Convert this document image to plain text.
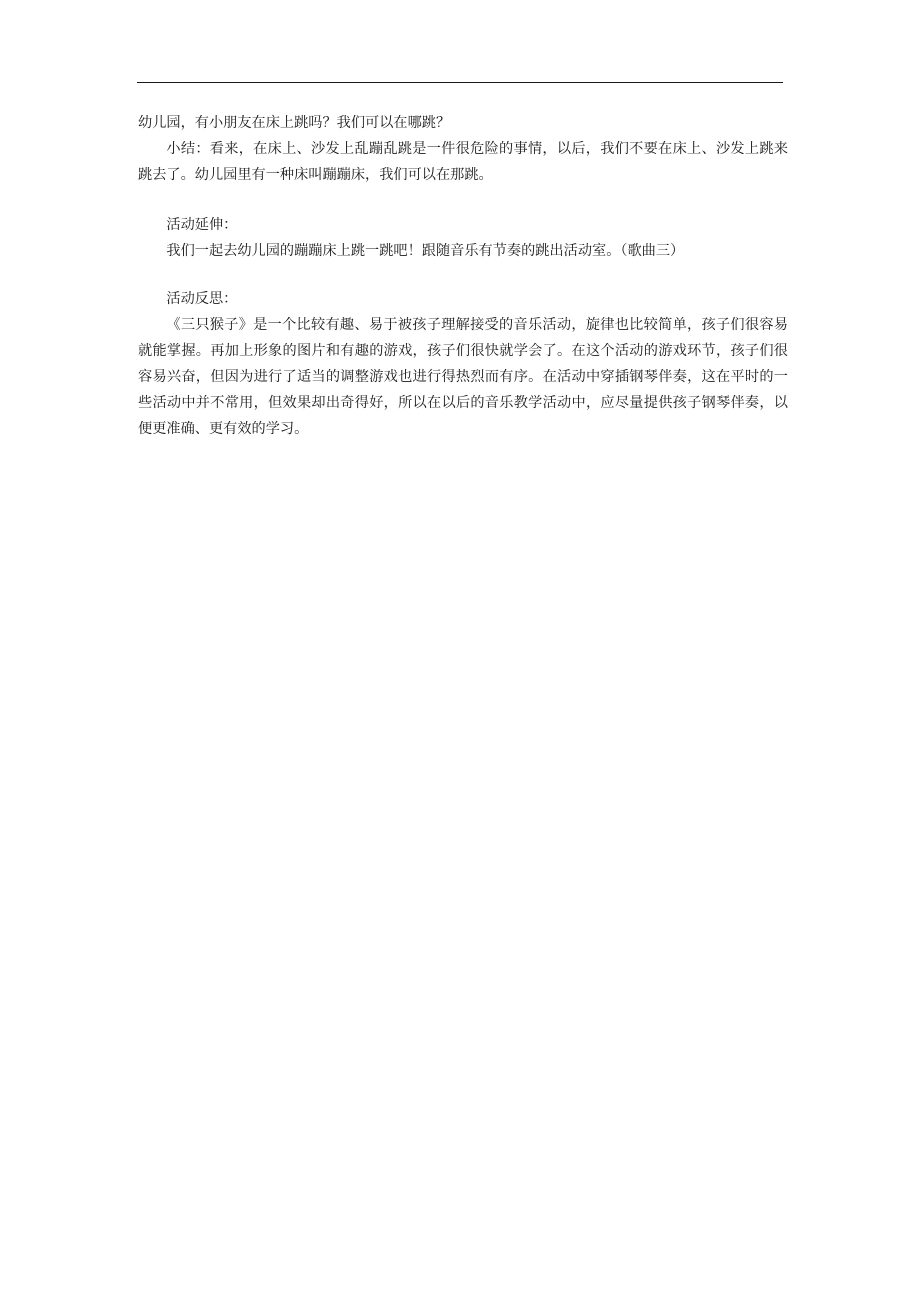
幼儿园，有小朋友在床上跳吗？我们可以在哪跳？

小结：看来，在床上、沙发上乱蹦乱跳是一件很危险的事情，以后，我们不要在床上、沙发上跳来跳去了。幼儿园里有一种床叫蹦蹦床，我们可以在那跳。

活动延伸：

我们一起去幼儿园的蹦蹦床上跳一跳吧！跟随音乐有节奏的跳出活动室。（歌曲三）

活动反思：

《三只猴子》是一个比较有趣、易于被孩子理解接受的音乐活动，旋律也比较简单，孩子们很容易就能掌握。再加上形象的图片和有趣的游戏，孩子们很快就学会了。在这个活动的游戏环节，孩子们很容易兴奋，但因为进行了适当的调整游戏也进行得热烈而有序。在活动中穿插钢琴伴奏，这在平时的一些活动中并不常用，但效果却出奇得好，所以在以后的音乐教学活动中，应尽量提供孩子钢琴伴奏，以便更准确、更有效的学习。
